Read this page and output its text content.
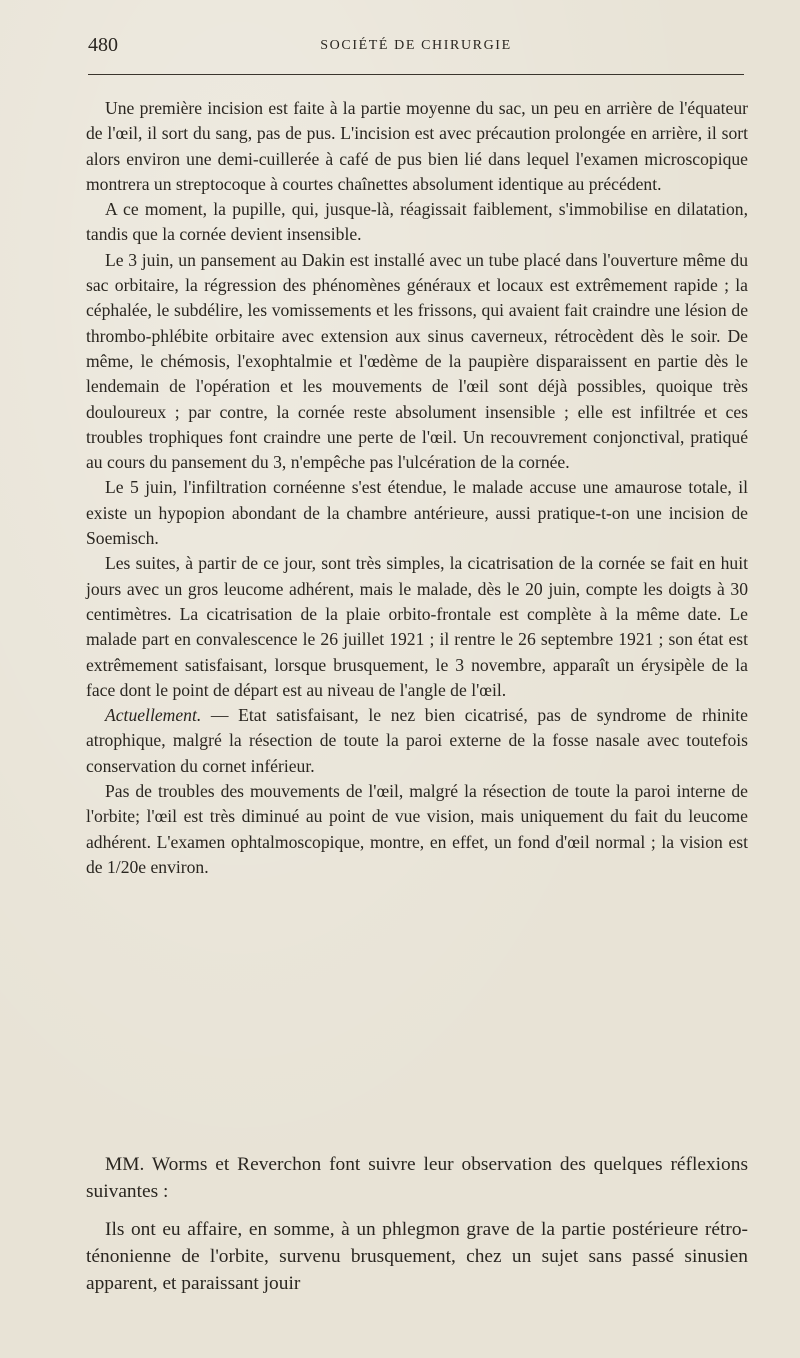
480	SOCIÉTÉ DE CHIRURGIE

Une première incision est faite à la partie moyenne du sac, un peu en arrière de l'équateur de l'œil, il sort du sang, pas de pus. L'incision est avec précaution prolongée en arrière, il sort alors environ une demi-cuillerée à café de pus bien lié dans lequel l'examen microscopique montrera un streptocoque à courtes chaînettes absolument identique au précédent.

A ce moment, la pupille, qui, jusque-là, réagissait faiblement, s'immobilise en dilatation, tandis que la cornée devient insensible.

Le 3 juin, un pansement au Dakin est installé avec un tube placé dans l'ouverture même du sac orbitaire, la régression des phénomènes généraux et locaux est extrêmement rapide ; la céphalée, le subdélire, les vomissements et les frissons, qui avaient fait craindre une lésion de thrombo-phlébite orbitaire avec extension aux sinus caverneux, rétrocèdent dès le soir. De même, le chémosis, l'exophtalmie et l'œdème de la paupière disparaissent en partie dès le lendemain de l'opération et les mouvements de l'œil sont déjà possibles, quoique très douloureux ; par contre, la cornée reste absolument insensible ; elle est infiltrée et ces troubles trophiques font craindre une perte de l'œil. Un recouvrement conjonctival, pratiqué au cours du pansement du 3, n'empêche pas l'ulcération de la cornée.

Le 5 juin, l'infiltration cornéenne s'est étendue, le malade accuse une amaurose totale, il existe un hypopion abondant de la chambre antérieure, aussi pratique-t-on une incision de Soemisch.

Les suites, à partir de ce jour, sont très simples, la cicatrisation de la cornée se fait en huit jours avec un gros leucome adhérent, mais le malade, dès le 20 juin, compte les doigts à 30 centimètres. La cicatrisation de la plaie orbito-frontale est complète à la même date. Le malade part en convalescence le 26 juillet 1921 ; il rentre le 26 septembre 1921 ; son état est extrêmement satisfaisant, lorsque brusquement, le 3 novembre, apparaît un érysipèle de la face dont le point de départ est au niveau de l'angle de l'œil.

Actuellement. — Etat satisfaisant, le nez bien cicatrisé, pas de syndrome de rhinite atrophique, malgré la résection de toute la paroi externe de la fosse nasale avec toutefois conservation du cornet inférieur.

Pas de troubles des mouvements de l'œil, malgré la résection de toute la paroi interne de l'orbite; l'œil est très diminué au point de vue vision, mais uniquement du fait du leucome adhérent. L'examen ophtalmoscopique, montre, en effet, un fond d'œil normal ; la vision est de 1/20e environ.

MM. Worms et Reverchon font suivre leur observation des quelques réflexions suivantes :

Ils ont eu affaire, en somme, à un phlegmon grave de la partie postérieure rétro-ténonienne de l'orbite, survenu brusquement, chez un sujet sans passé sinusien apparent, et paraissant jouir
